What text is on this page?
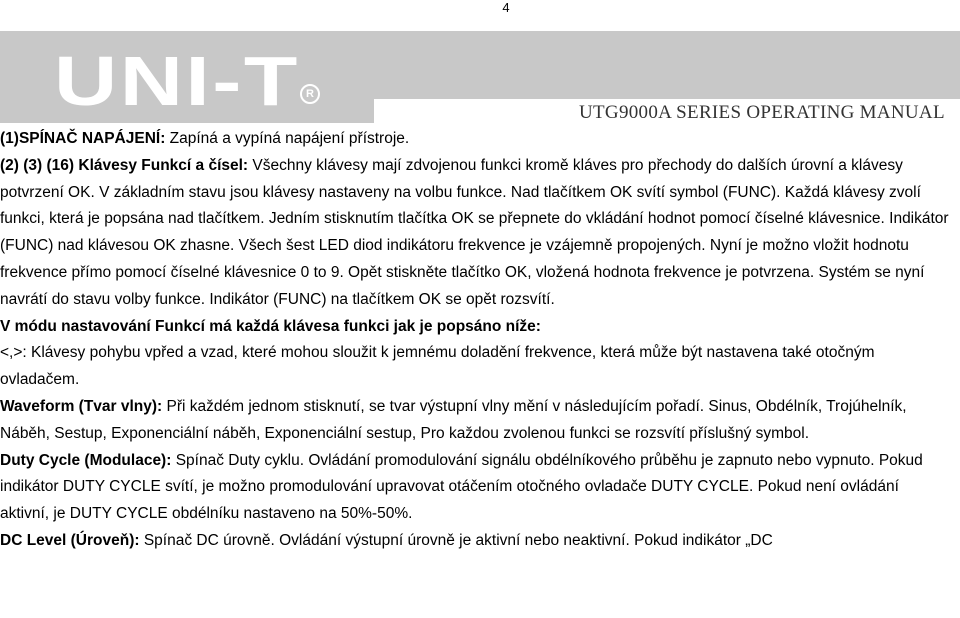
4
UNI-T R
UTG9000A SERIES OPERATING MANUAL

(1)SPÍNAČ NAPÁJENÍ: Zapíná a vypíná napájení přístroje.

(2) (3) (16) Klávesy Funkcí a čísel: Všechny klávesy mají zdvojenou funkci kromě kláves pro přechody do dalších úrovní a klávesy potvrzení OK. V základním stavu jsou klávesy nastaveny na volbu funkce. Nad tlačítkem OK svítí symbol (FUNC). Každá klávesy zvolí funkci, která je popsána nad tlačítkem. Jedním stisknutím tlačítka OK se přepnete do vkládání hodnot pomocí číselné klávesnice. Indikátor (FUNC) nad klávesou OK zhasne. Všech šest LED diod indikátoru frekvence je vzájemně propojených. Nyní je možno vložit hodnotu frekvence přímo pomocí číselné klávesnice 0 to 9. Opět stiskněte tlačítko OK, vložená hodnota frekvence je potvrzena. Systém se nyní navrátí do stavu volby funkce. Indikátor (FUNC) na tlačítkem OK se opět rozsvítí.

V módu nastavování Funkcí má každá klávesa funkci jak je popsáno níže:

<,>: Klávesy pohybu vpřed a vzad, které mohou sloužit k jemnému doladění frekvence, která může být nastavena také otočným ovladačem.

Waveform (Tvar vlny): Při každém jednom stisknutí, se tvar výstupní vlny mění v následujícím pořadí. Sinus, Obdélník, Trojúhelník, Náběh, Sestup, Exponenciální náběh, Exponenciální sestup, Pro každou zvolenou funkci se rozsvítí příslušný symbol.

Duty Cycle (Modulace): Spínač Duty cyklu. Ovládání promodulování signálu obdélníkového průběhu je zapnuto nebo vypnuto. Pokud indikátor DUTY CYCLE svítí, je možno promodulování upravovat otáčením otočného ovladače DUTY CYCLE. Pokud není ovládání aktivní, je DUTY CYCLE obdélníku nastaveno na 50%-50%.

DC Level (Úroveň): Spínač DC úrovně. Ovládání výstupní úrovně je aktivní nebo neaktivní. Pokud indikátor „DC
